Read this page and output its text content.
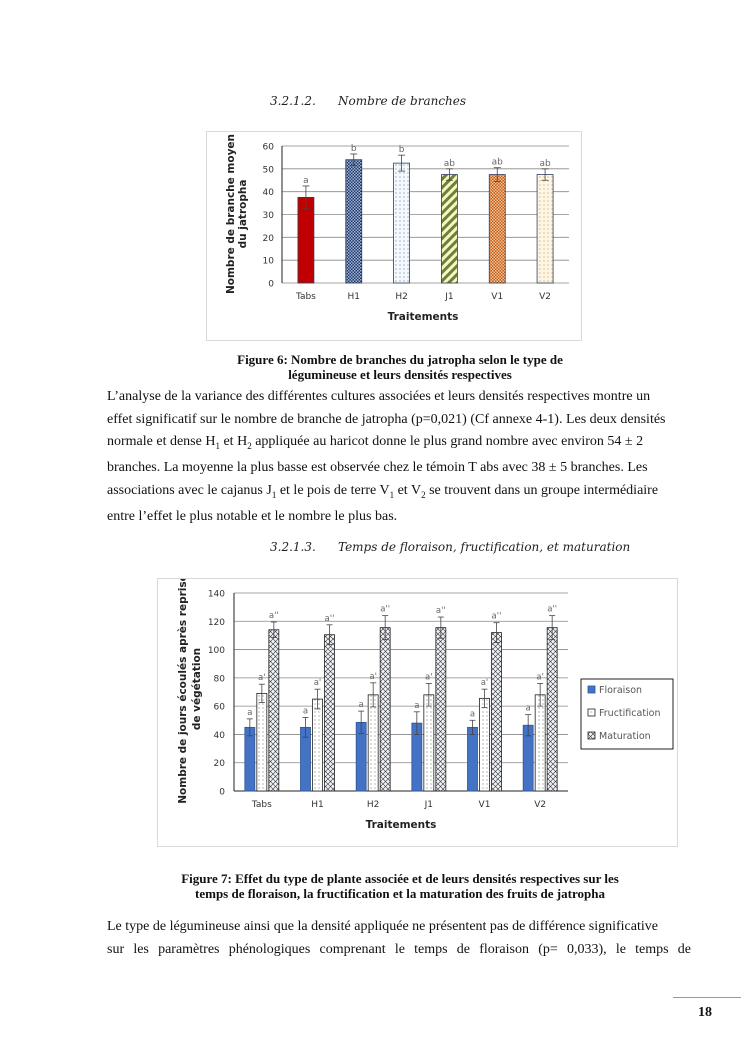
3.2.1.2. Nombre de branches
0
10
20
30
40
50
60
a
Tabs
b
H1
b
H2
ab
J1
ab
V1
ab
V2
Traitements
Nombre de branche moyendu jatropha
Figure 6: Nombre de branches du jatropha selon le type de
légumineuse et leurs densités respectives
L’analyse de la variance des différentes cultures associées et leurs densités respectives montre un
effet significatif sur le nombre de branche de jatropha (p=0,021) (Cf annexe 4-1). Les deux densités
normale et dense $H_1$ et $H_2$ appliquée au haricot donne le plus grand nombre avec environ 54 ± 2
branches. La moyenne la plus basse est observée chez le témoin T abs avec 38 ± 5 branches. Les
associations avec le cajanus $J_1$ et le pois de terre $V_1$ et $V_2$ se trouvent dans un groupe intermédiaire
entre l’effet le plus notable et le nombre le plus bas.
3.2.1.3. Temps de floraison, fructification, et maturation
0
20
40
60
80
100
120
140
a
a'
a''
Tabs
a
a'
a''
H1
a
a'
a''
H2
a
a'
a''
J1
a
a'
a''
V1
a
a'
a''
V2
Traitements
Nombre de jours écoulés après reprise de végétation	Floraison
Fructification
Maturation
Figure 7: Effet du type de plante associée et de leurs densités respectives sur les
temps de floraison, la fructification et la maturation des fruits de jatropha
Le type de légumineuse ainsi que la densité appliquée ne présentent pas de différence significative
sur les paramètres phénologiques comprenant le temps de floraison (p= 0,033), le temps de
18
